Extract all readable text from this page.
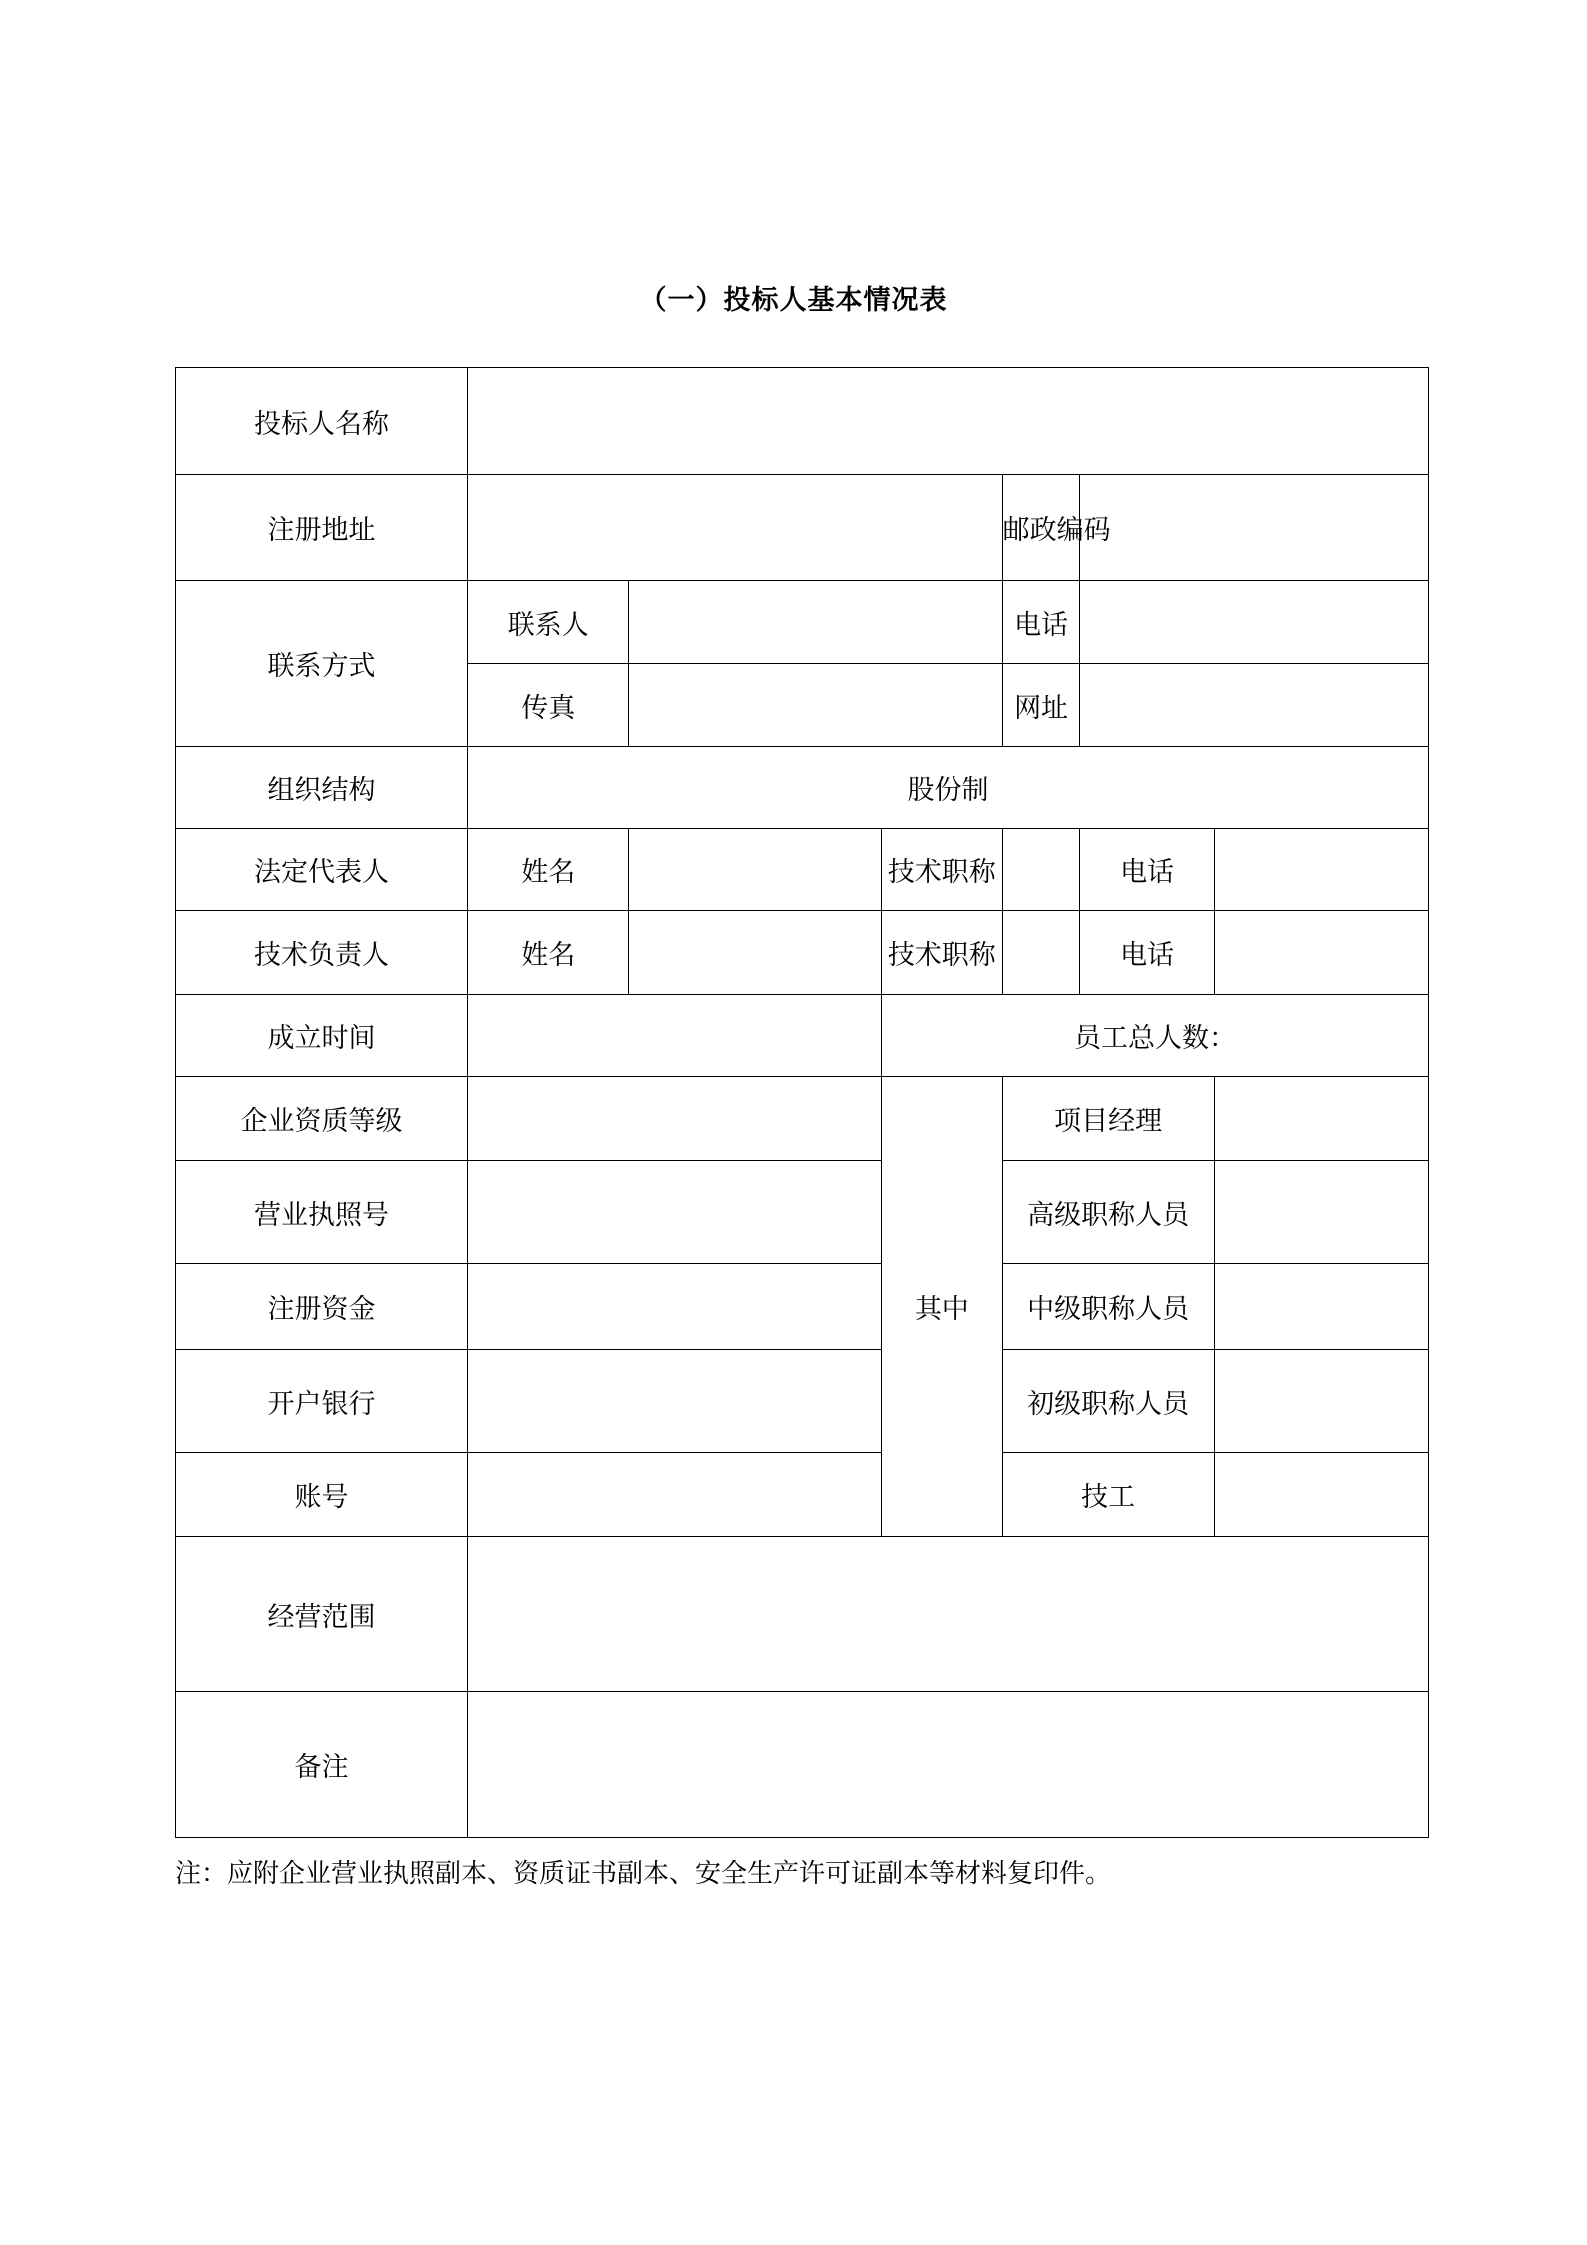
（一）投标人基本情况表
投标人名称						
注册地址				邮政编码		
联系方式	联系人			电话		
	传真			网址		
组织结构	股份制					
法定代表人	姓名		技术职称		电话	
技术负责人	姓名		技术职称		电话	
成立时间			员工总人数：			
企业资质等级			其中	项目经理		
营业执照号				高级职称人员		
注册资金				中级职称人员		
开户银行				初级职称人员		
账号				技工		
经营范围						
备注						
注：应附企业营业执照副本、资质证书副本、安全生产许可证副本等材料复印件。
